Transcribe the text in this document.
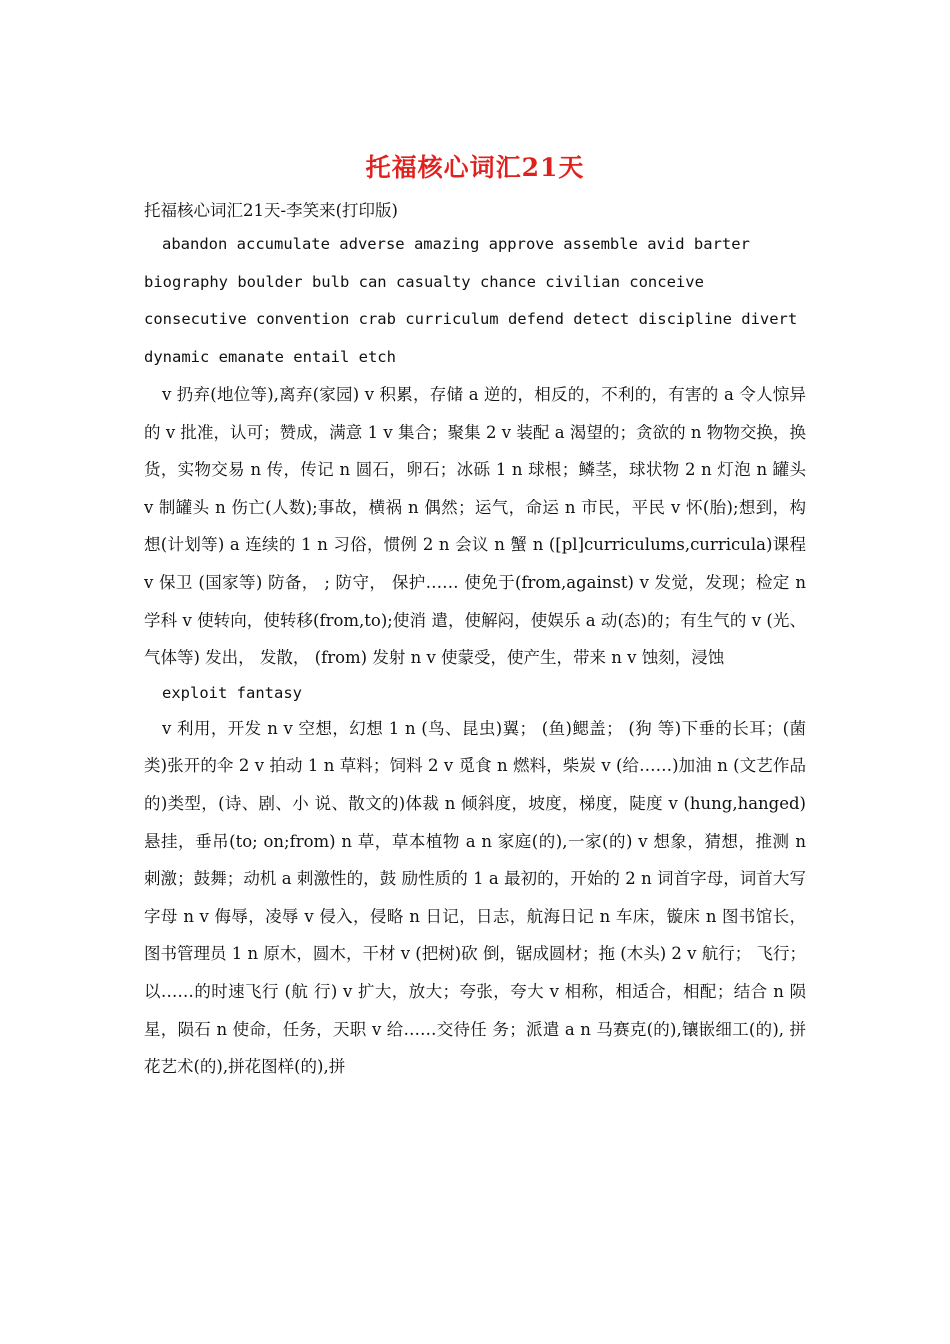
托福核心词汇21天

托福核心词汇21天-李笑来(打印版)

abandon accumulate adverse amazing approve assemble avid barter biography boulder bulb can casualty chance civilian conceive consecutive convention crab curriculum defend detect discipline divert dynamic emanate entail etch

v 扔弃(地位等),离弃(家园) v 积累，存储 a 逆的，相反的，不利的，有害的 a 令人惊异的 v 批准，认可；赞成，满意 1 v 集合；聚集 2 v 装配 a 渴望的；贪欲的 n 物物交换，换货，实物交易 n 传，传记 n 圆石，卵石；冰砾 1 n 球根；鳞茎，球状物 2 n 灯泡 n 罐头 v 制罐头 n 伤亡(人数);事故，横祸 n 偶然；运气，命运 n 市民，平民 v 怀(胎);想到，构想(计划等) a 连续的 1 n 习俗，惯例 2 n 会议 n 蟹 n ([pl]curriculums,curricula)课程 v 保卫 (国家等) 防备， ; 防守， 保护…… 使免于(from,against) v 发觉，发现；检定 n 学科 v 使转向，使转移(from,to);使消 遣，使解闷，使娱乐 a 动(态)的；有生气的 v (光、 气体等) 发出， 发散， (from) 发射 n v 使蒙受，使产生，带来 n v 蚀刻，浸蚀

exploit fantasy

v 利用，开发 n v 空想，幻想 1 n (鸟、昆虫)翼； (鱼)鳃盖； (狗 等)下垂的长耳；(菌类)张开的伞 2 v 拍动 1 n 草料；饲料 2 v 觅食 n 燃料，柴炭 v (给……)加油 n (文艺作品的)类型，(诗、剧、小 说、散文的)体裁 n 倾斜度，坡度，梯度，陡度 v (hung,hanged)悬挂，垂吊(to; on;from) n 草，草本植物 a n 家庭(的),一家(的) v 想象，猜想，推测 n 刺激；鼓舞；动机 a 刺激性的，鼓 励性质的 1 a 最初的，开始的 2 n 词首字母，词首大写字母 n v 侮辱，凌辱 v 侵入，侵略 n 日记，日志，航海日记 n 车床，镟床 n 图书馆长，图书管理员 1 n 原木，圆木，干材 v (把树)砍 倒，锯成圆材；拖 (木头) 2 v 航行； 飞行； 以……的时速飞行 (航 行) v 扩大，放大；夸张，夸大 v 相称，相适合，相配；结合 n 陨星，陨石 n 使命，任务，天职 v 给……交待任 务；派遣 a n 马赛克(的),镶嵌细工(的), 拼花艺术(的),拼花图样(的),拼
